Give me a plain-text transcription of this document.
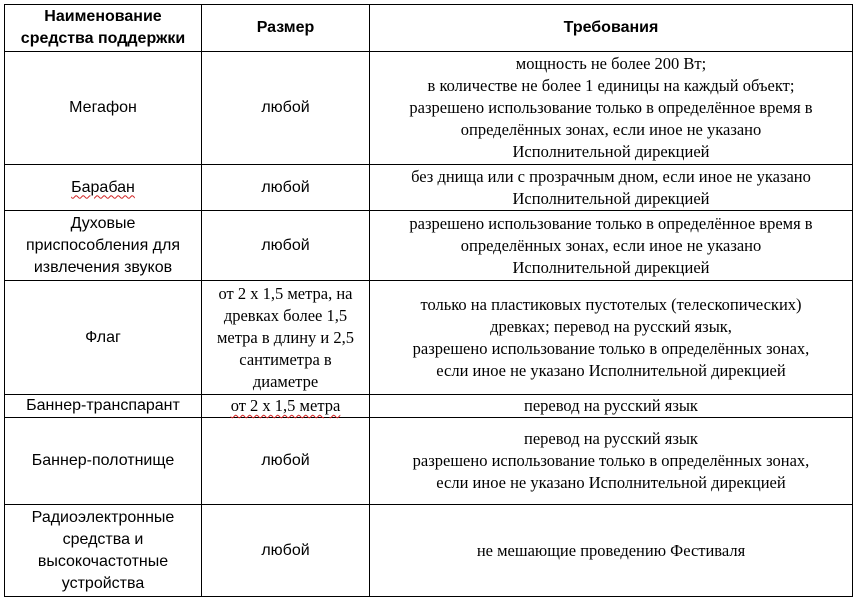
Наименование
средства поддержки	Размер	Требования

Мегафон	любой	мощность не более 200 Вт;
в количестве не более 1 единицы на каждый объект;
разрешено использование только в определённое время в
определённых зонах, если иное не указано
Исполнительной дирекцией

Барабан	любой	без днища или с прозрачным дном, если иное не указано
Исполнительной дирекцией

Духовые
приспособления для
извлечения звуков	любой	разрешено использование только в определённое время в
определённых зонах, если иное не указано
Исполнительной дирекцией

Флаг	от 2 х 1,5 метра, на
древках более 1,5
метра в длину и 2,5
сантиметра в
диаметре	только на пластиковых пустотелых (телескопических)
древках; перевод на русский язык,
разрешено использование только в определённых зонах,
если иное не указано Исполнительной дирекцией

Баннер-транспарант	от 2 х 1,5 метра	перевод на русский язык

Баннер-полотнище	любой	перевод на русский язык
разрешено использование только в определённых зонах,
если иное не указано Исполнительной дирекцией

Радиоэлектронные
средства и
высокочастотные
устройства	любой	не мешающие проведению Фестиваля
